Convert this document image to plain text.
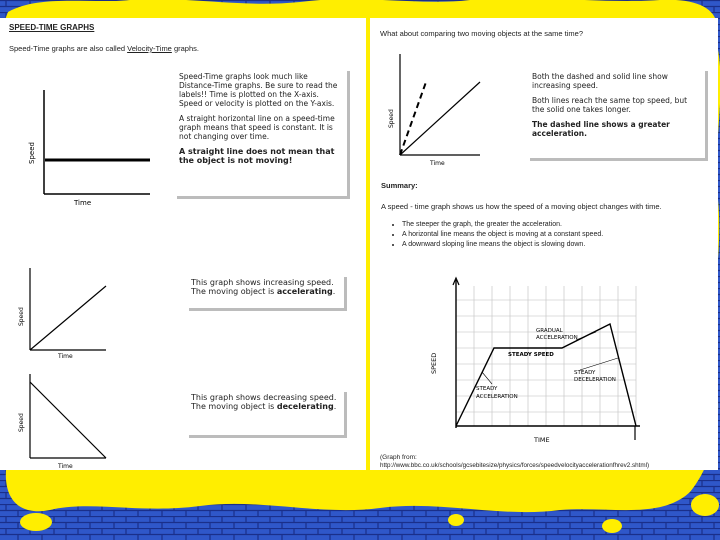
SPEED-TIME GRAPHS
Speed-Time graphs are also called Velocity-Time graphs.
Speed
Time

Speed-Time graphs look much like Distance-Time graphs. Be sure to read the labels!! Time is plotted on the X-axis. Speed or velocity is plotted on the Y-axis.

A straight horizontal line on a speed-time graph means that speed is constant. It is not changing over time.

A straight line does not mean that the object is not moving!

Speed
Time
This graph shows increasing speed.
The moving object is accelerating.
Speed
Time
This graph shows decreasing speed.
The moving object is decelerating.
What about comparing two moving objects at the same time?
Speed
Time

Both the dashed and solid line show increasing speed.

Both lines reach the same top speed, but the solid one takes longer.

The dashed line shows a greater acceleration.

Summary:
A speed - time graph shows us how the speed of a moving object changes with time.
• The steeper the graph, the greater the acceleration.
• A horizontal line means the object is moving at a constant speed.
• A downward sloping line means the object is slowing down.
SPEED
TIME
GRADUAL
ACCELERATION
STEADY SPEED
STEADY
DECELERATION
STEADY
ACCELERATION
(Graph from:
http://www.bbc.co.uk/schools/gcsebitesize/physics/forces/speedvelocityaccelerationfhrev2.shtml)
